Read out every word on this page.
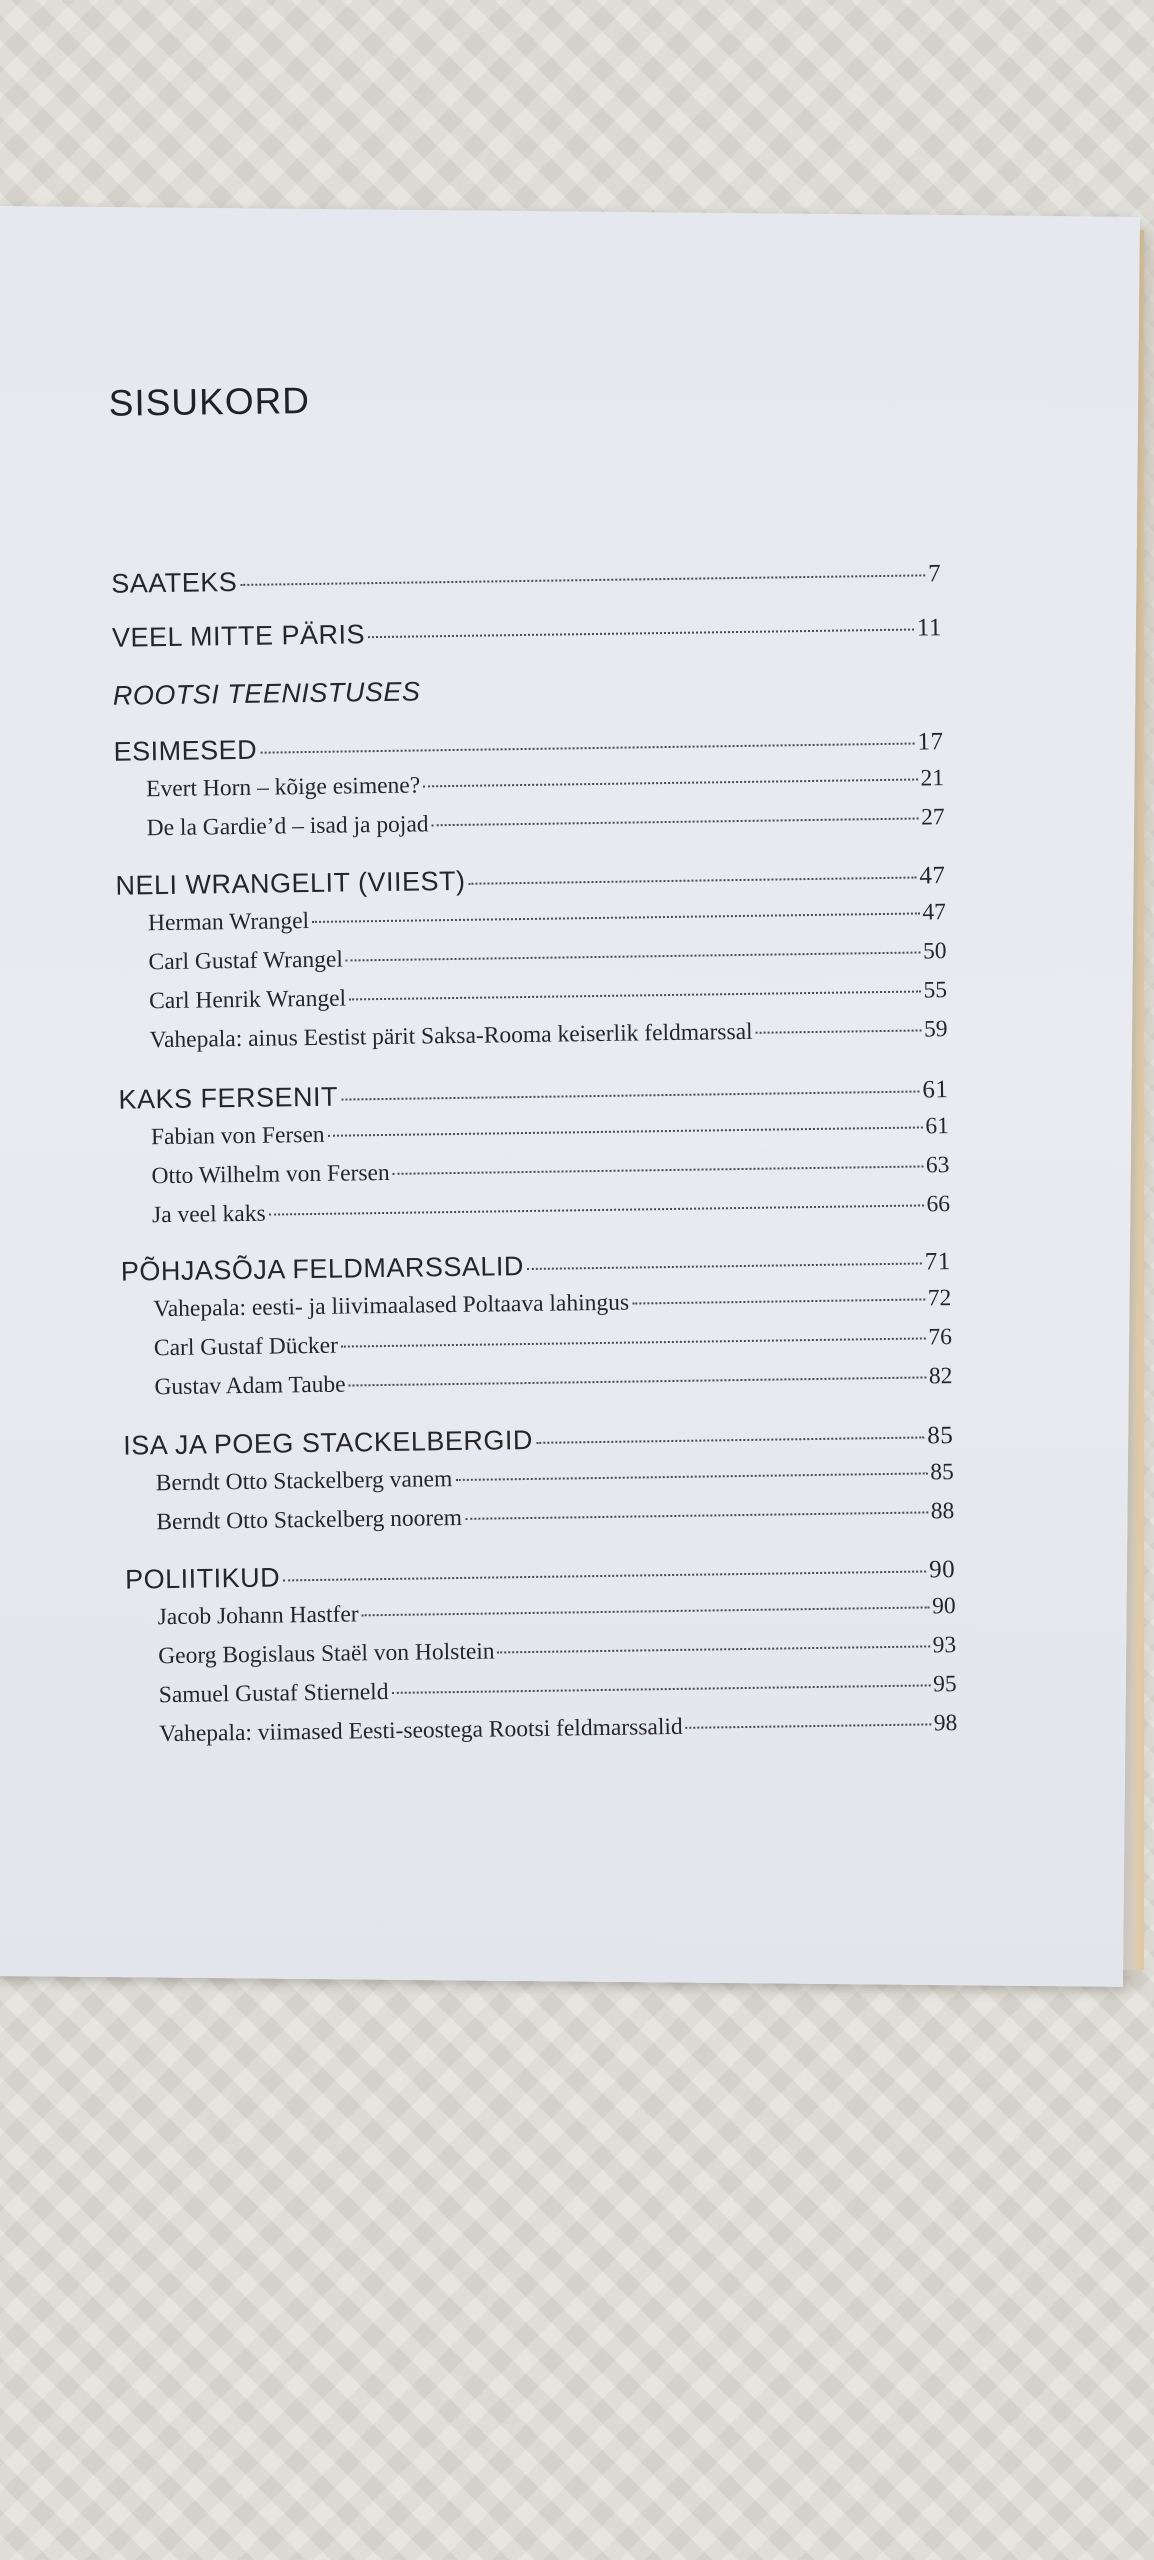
SISUKORD
SAATEKS	7
VEEL MITTE PÄRIS	11
ROOTSI TEENISTUSES
ESIMESED	17
Evert Horn – kõige esimene?	21
De la Gardie’d – isad ja pojad	27
NELI WRANGELIT (VIIEST)	47
Herman Wrangel	47
Carl Gustaf Wrangel	50
Carl Henrik Wrangel	55
Vahepala: ainus Eestist pärit Saksa-Rooma keiserlik feldmarssal	59
KAKS FERSENIT	61
Fabian von Fersen	61
Otto Wilhelm von Fersen	63
Ja veel kaks	66
PÕHJASÕJA FELDMARSSALID	71
Vahepala: eesti- ja liivimaalased Poltaava lahingus	72
Carl Gustaf Dücker	76
Gustav Adam Taube	82
ISA JA POEG STACKELBERGID	85
Berndt Otto Stackelberg vanem	85
Berndt Otto Stackelberg noorem	88
POLIITIKUD	90
Jacob Johann Hastfer	90
Georg Bogislaus Staël von Holstein	93
Samuel Gustaf Stierneld	95
Vahepala: viimased Eesti-seostega Rootsi feldmarssalid	98
